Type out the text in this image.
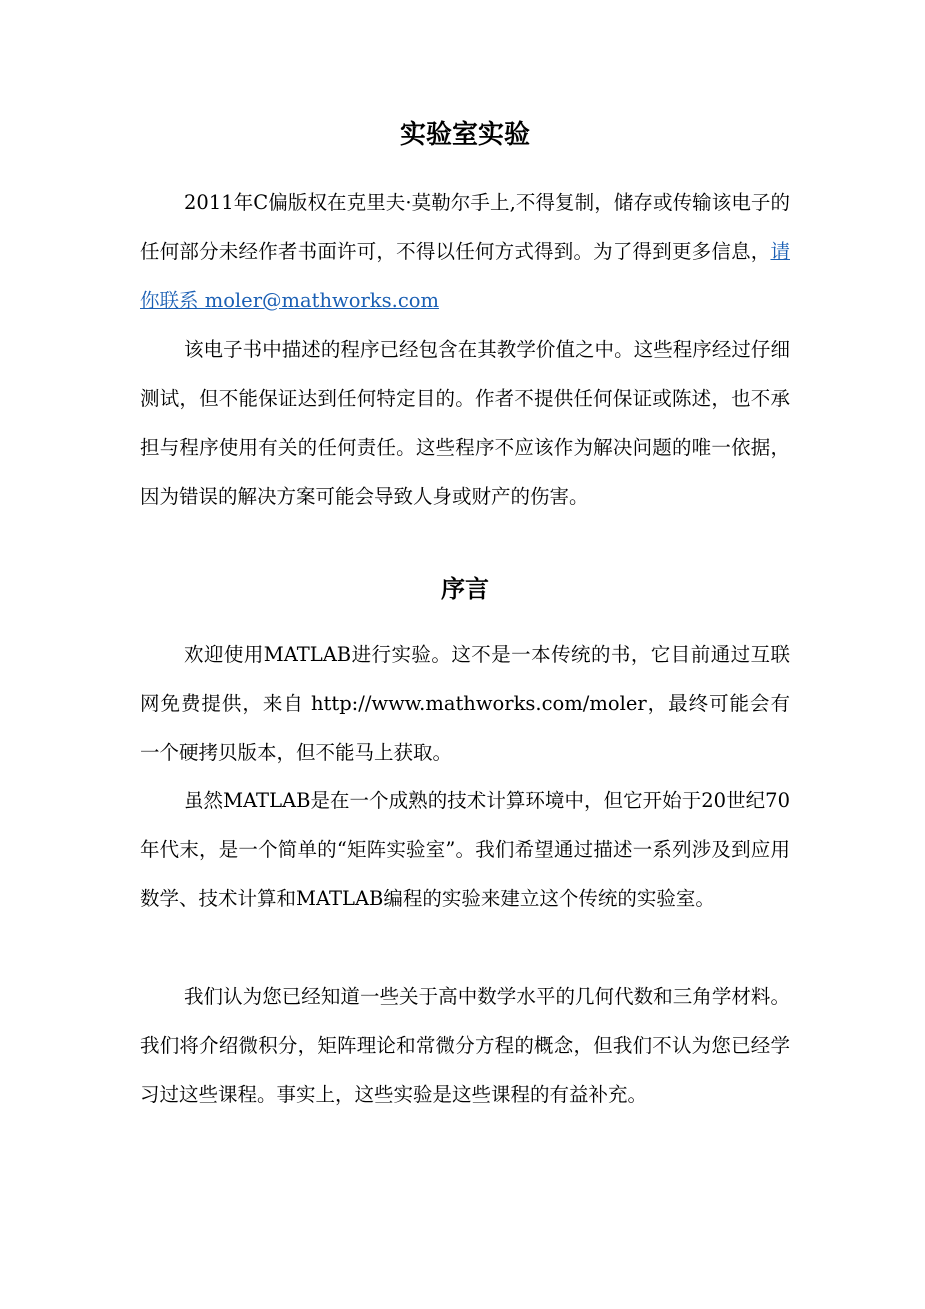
实验室实验

2011年C偏版权在克里夫·莫勒尔手上,不得复制，储存或传输该电子的任何部分未经作者书面许可，不得以任何方式得到。为了得到更多信息，请你联系 moler@mathworks.com

该电子书中描述的程序已经包含在其教学价值之中。这些程序经过仔细测试，但不能保证达到任何特定目的。作者不提供任何保证或陈述，也不承担与程序使用有关的任何责任。这些程序不应该作为解决问题的唯一依据，因为错误的解决方案可能会导致人身或财产的伤害。

序言

欢迎使用MATLAB进行实验。这不是一本传统的书，它目前通过互联网免费提供，来自 http://www.mathworks.com/moler，最终可能会有一个硬拷贝版本，但不能马上获取。

虽然MATLAB是在一个成熟的技术计算环境中，但它开始于20世纪70年代末，是一个简单的“矩阵实验室”。我们希望通过描述一系列涉及到应用数学、技术计算和MATLAB编程的实验来建立这个传统的实验室。

我们认为您已经知道一些关于高中数学水平的几何代数和三角学材料。我们将介绍微积分，矩阵理论和常微分方程的概念，但我们不认为您已经学习过这些课程。事实上，这些实验是这些课程的有益补充。
